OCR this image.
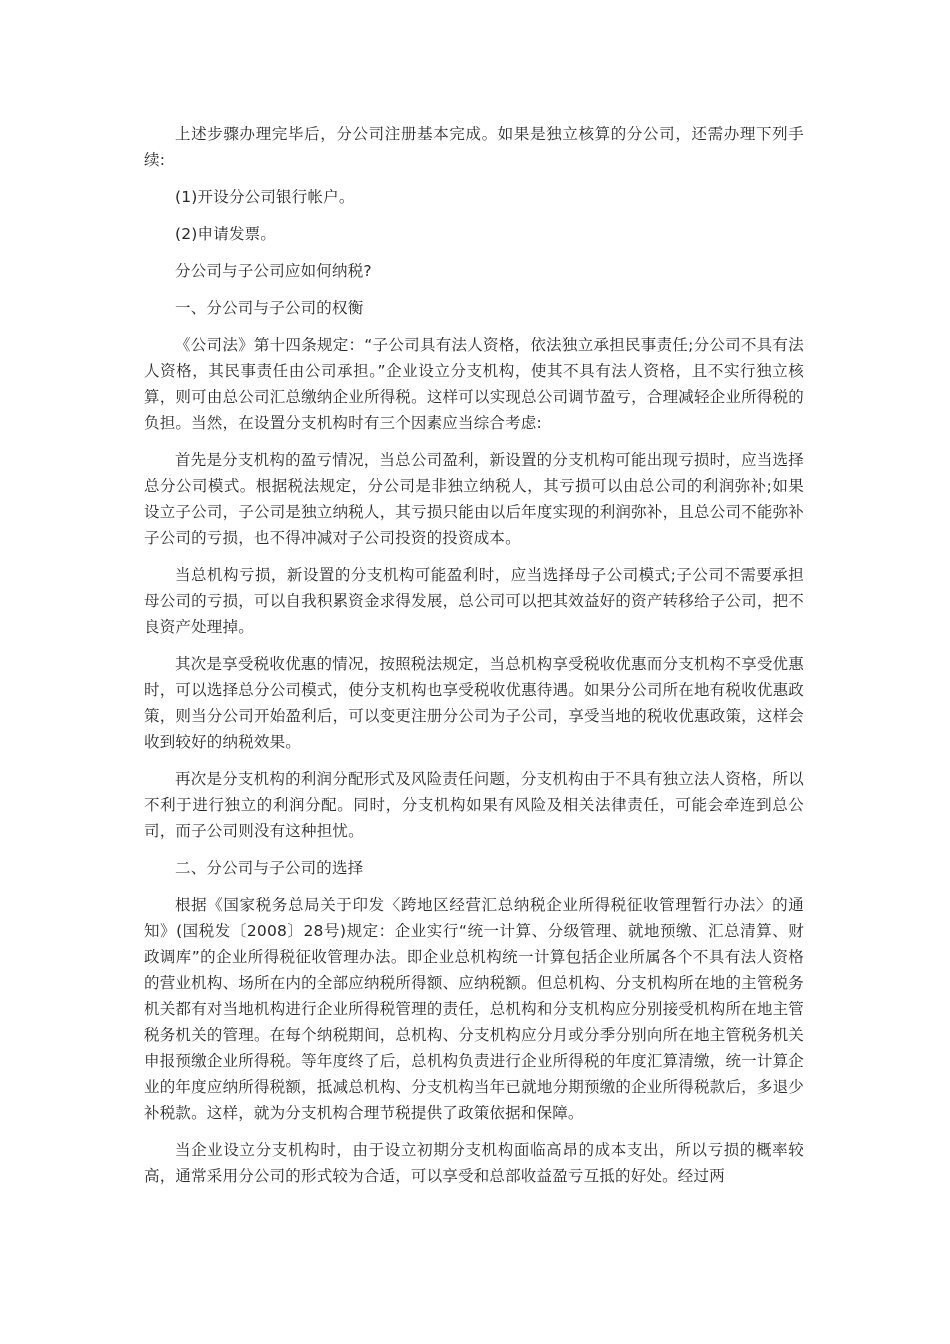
上述步骤办理完毕后，分公司注册基本完成。如果是独立核算的分公司，还需办理下列手续:

(1)开设分公司银行帐户。

(2)申请发票。

分公司与子公司应如何纳税?

一、分公司与子公司的权衡

《公司法》第十四条规定：“子公司具有法人资格，依法独立承担民事责任;分公司不具有法人资格，其民事责任由公司承担。”企业设立分支机构，使其不具有法人资格，且不实行独立核算，则可由总公司汇总缴纳企业所得税。这样可以实现总公司调节盈亏，合理减轻企业所得税的负担。当然，在设置分支机构时有三个因素应当综合考虑:

首先是分支机构的盈亏情况，当总公司盈利，新设置的分支机构可能出现亏损时，应当选择总分公司模式。根据税法规定，分公司是非独立纳税人，其亏损可以由总公司的利润弥补;如果设立子公司，子公司是独立纳税人，其亏损只能由以后年度实现的利润弥补，且总公司不能弥补子公司的亏损，也不得冲减对子公司投资的投资成本。

当总机构亏损，新设置的分支机构可能盈利时，应当选择母子公司模式;子公司不需要承担母公司的亏损，可以自我积累资金求得发展，总公司可以把其效益好的资产转移给子公司，把不良资产处理掉。

其次是享受税收优惠的情况，按照税法规定，当总机构享受税收优惠而分支机构不享受优惠时，可以选择总分公司模式，使分支机构也享受税收优惠待遇。如果分公司所在地有税收优惠政策，则当分公司开始盈利后，可以变更注册分公司为子公司，享受当地的税收优惠政策，这样会收到较好的纳税效果。

再次是分支机构的利润分配形式及风险责任问题，分支机构由于不具有独立法人资格，所以不利于进行独立的利润分配。同时，分支机构如果有风险及相关法律责任，可能会牵连到总公司，而子公司则没有这种担忧。

二、分公司与子公司的选择

根据《国家税务总局关于印发〈跨地区经营汇总纳税企业所得税征收管理暂行办法〉的通知》(国税发〔2008〕28号)规定：企业实行“统一计算、分级管理、就地预缴、汇总清算、财政调库”的企业所得税征收管理办法。即企业总机构统一计算包括企业所属各个不具有法人资格的营业机构、场所在内的全部应纳税所得额、应纳税额。但总机构、分支机构所在地的主管税务机关都有对当地机构进行企业所得税管理的责任，总机构和分支机构应分别接受机构所在地主管税务机关的管理。在每个纳税期间，总机构、分支机构应分月或分季分别向所在地主管税务机关申报预缴企业所得税。等年度终了后，总机构负责进行企业所得税的年度汇算清缴，统一计算企业的年度应纳所得税额，抵减总机构、分支机构当年已就地分期预缴的企业所得税款后，多退少补税款。这样，就为分支机构合理节税提供了政策依据和保障。

当企业设立分支机构时，由于设立初期分支机构面临高昂的成本支出，所以亏损的概率较高，通常采用分公司的形式较为合适，可以享受和总部收益盈亏互抵的好处。经过两
